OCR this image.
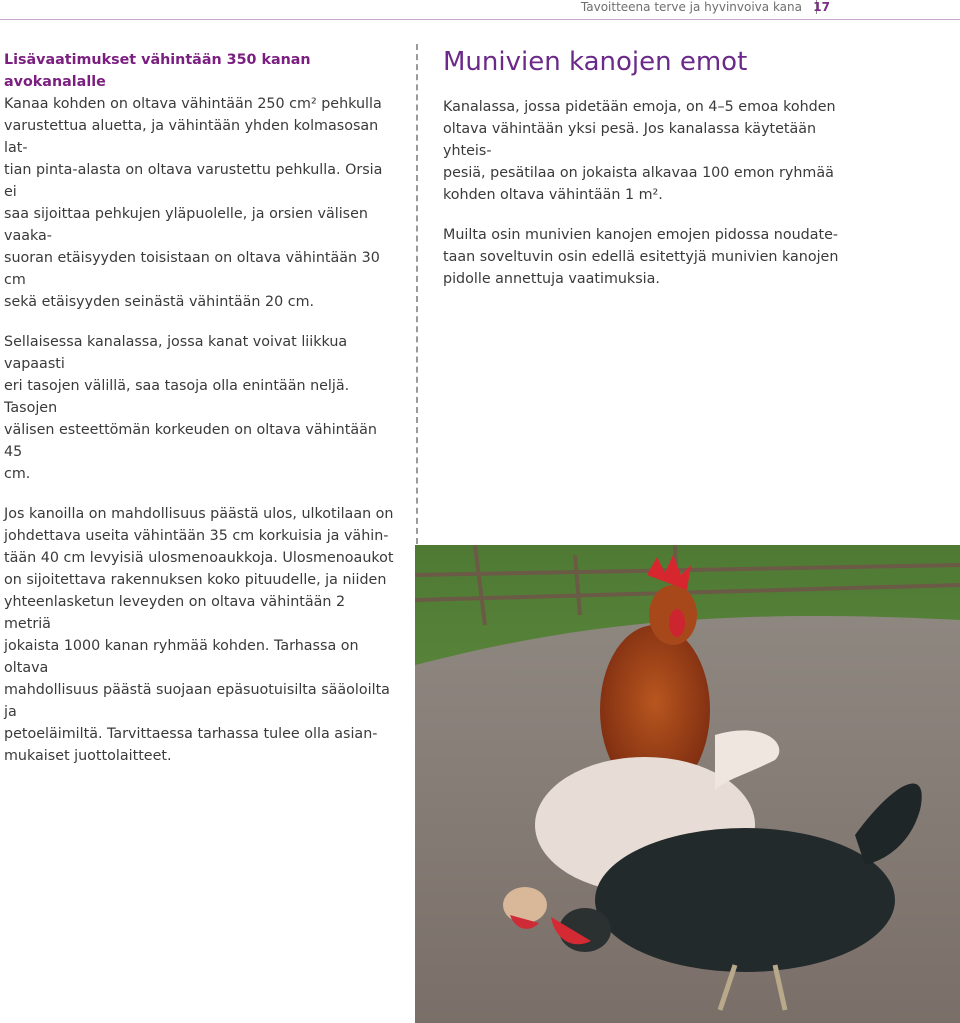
Tavoitteena terve ja hyvinvoiva kana 17
Lisävaatimukset vähintään 350 kanan
avokanalalle

Kanaa kohden on oltava vähintään 250 cm² pehkulla
varustettua aluetta, ja vähintään yhden kolmasosan lat-
tian pinta-alasta on oltava varustettu pehkulla. Orsia ei
saa sijoittaa pehkujen yläpuolelle, ja orsien välisen vaaka-
suoran etäisyyden toisistaan on oltava vähintään 30 cm
sekä etäisyyden seinästä vähintään 20 cm.

Sellaisessa kanalassa, jossa kanat voivat liikkua vapaasti
eri tasojen välillä, saa tasoja olla enintään neljä. Tasojen
välisen esteettömän korkeuden on oltava vähintään 45
cm.

Jos kanoilla on mahdollisuus päästä ulos, ulkotilaan on
johdettava useita vähintään 35 cm korkuisia ja vähin-
tään 40 cm levyisiä ulosmenoaukkoja. Ulosmenoaukot
on sijoitettava rakennuksen koko pituudelle, ja niiden
yhteenlasketun leveyden on oltava vähintään 2 metriä
jokaista 1000 kanan ryhmää kohden. Tarhassa on oltava
mahdollisuus päästä suojaan epäsuotuisilta sääoloilta ja
petoeläimiltä. Tarvittaessa tarhassa tulee olla asian-
mukaiset juottolaitteet.

Munivien kanojen emot

Kanalassa, jossa pidetään emoja, on 4–5 emoa kohden
oltava vähintään yksi pesä. Jos kanalassa käytetään yhteis-
pesiä, pesätilaa on jokaista alkavaa 100 emon ryhmää
kohden oltava vähintään 1 m².

Muilta osin munivien kanojen emojen pidossa noudate-
taan soveltuvin osin edellä esitettyjä munivien kanojen
pidolle annettuja vaatimuksia.
